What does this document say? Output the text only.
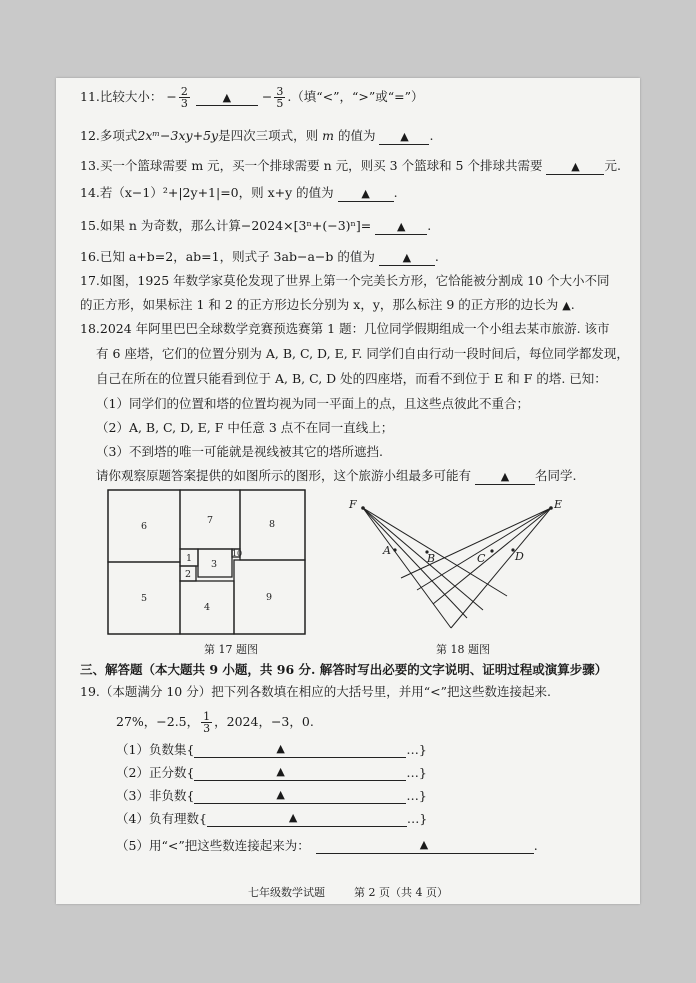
11.比较大小： − $\frac{2}{3}$	▲ − $\frac{3}{5}$ .（填“<”，“>”或“=”）
12.多项式2xᵐ−3xy+5y是四次三项式，则 m 的值为 ▲ .
13.买一个篮球需要 m 元，买一个排球需要 n 元，则买 3 个篮球和 5 个排球共需要	▲ 元.
14.若（x−1）²+|2y+1|=0，则 x+y 的值为	▲ .
15.如果 n 为奇数，那么计算−2024×[3ⁿ+(−3)ⁿ]= ▲ .
16.已知 a+b=2，ab=1，则式子 3ab−a−b 的值为	▲ .
17.如图，1925 年数学家莫伦发现了世界上第一个完美长方形，它恰能被分割成 10 个大小不同
的正方形，如果标注 1 和 2 的正方形边长分别为 x，y，那么标注 9 的正方形的边长为 ▲.
18.2024 年阿里巴巴全球数学竞赛预选赛第 1 题：几位同学假期组成一个小组去某市旅游. 该市
有 6 座塔，它们的位置分别为 A, B, C, D, E, F. 同学们自由行动一段时间后，每位同学都发现，
自己在所在的位置只能看到位于 A, B, C, D 处的四座塔，而看不到位于 E 和 F 的塔. 已知：
（1）同学们的位置和塔的位置均视为同一平面上的点，且这些点彼此不重合；
（2）A, B, C, D, E, F 中任意 3 点不在同一直线上；
（3）不到塔的唯一可能就是视线被其它的塔所遮挡.
请你观察原题答案提供的如图所示的图形，这个旅游小组最多可能有	▲ 名同学.
6
7	8
1
2
3
10
5
4
9
F	E
A
B	C	D
第 17 题图	第 18 题图
三、解答题（本大题共 9 小题，共 96 分. 解答时写出必要的文字说明、证明过程或演算步骤）
19.（本题满分 10 分）把下列各数填在相应的大括号里，并用“<”把这些数连接起来.
27%，−2.5， $\frac{1}{3}$ ，2024，−3，0.
（1）负数集{	▲	…}
（2）正分数{	▲	…}
（3）非负数{	▲	…}
（4）负有理数{	▲	…}
（5）用“<”把这些数连接起来为：	▲	.
七年级数学试题	第 2 页（共 4 页）
